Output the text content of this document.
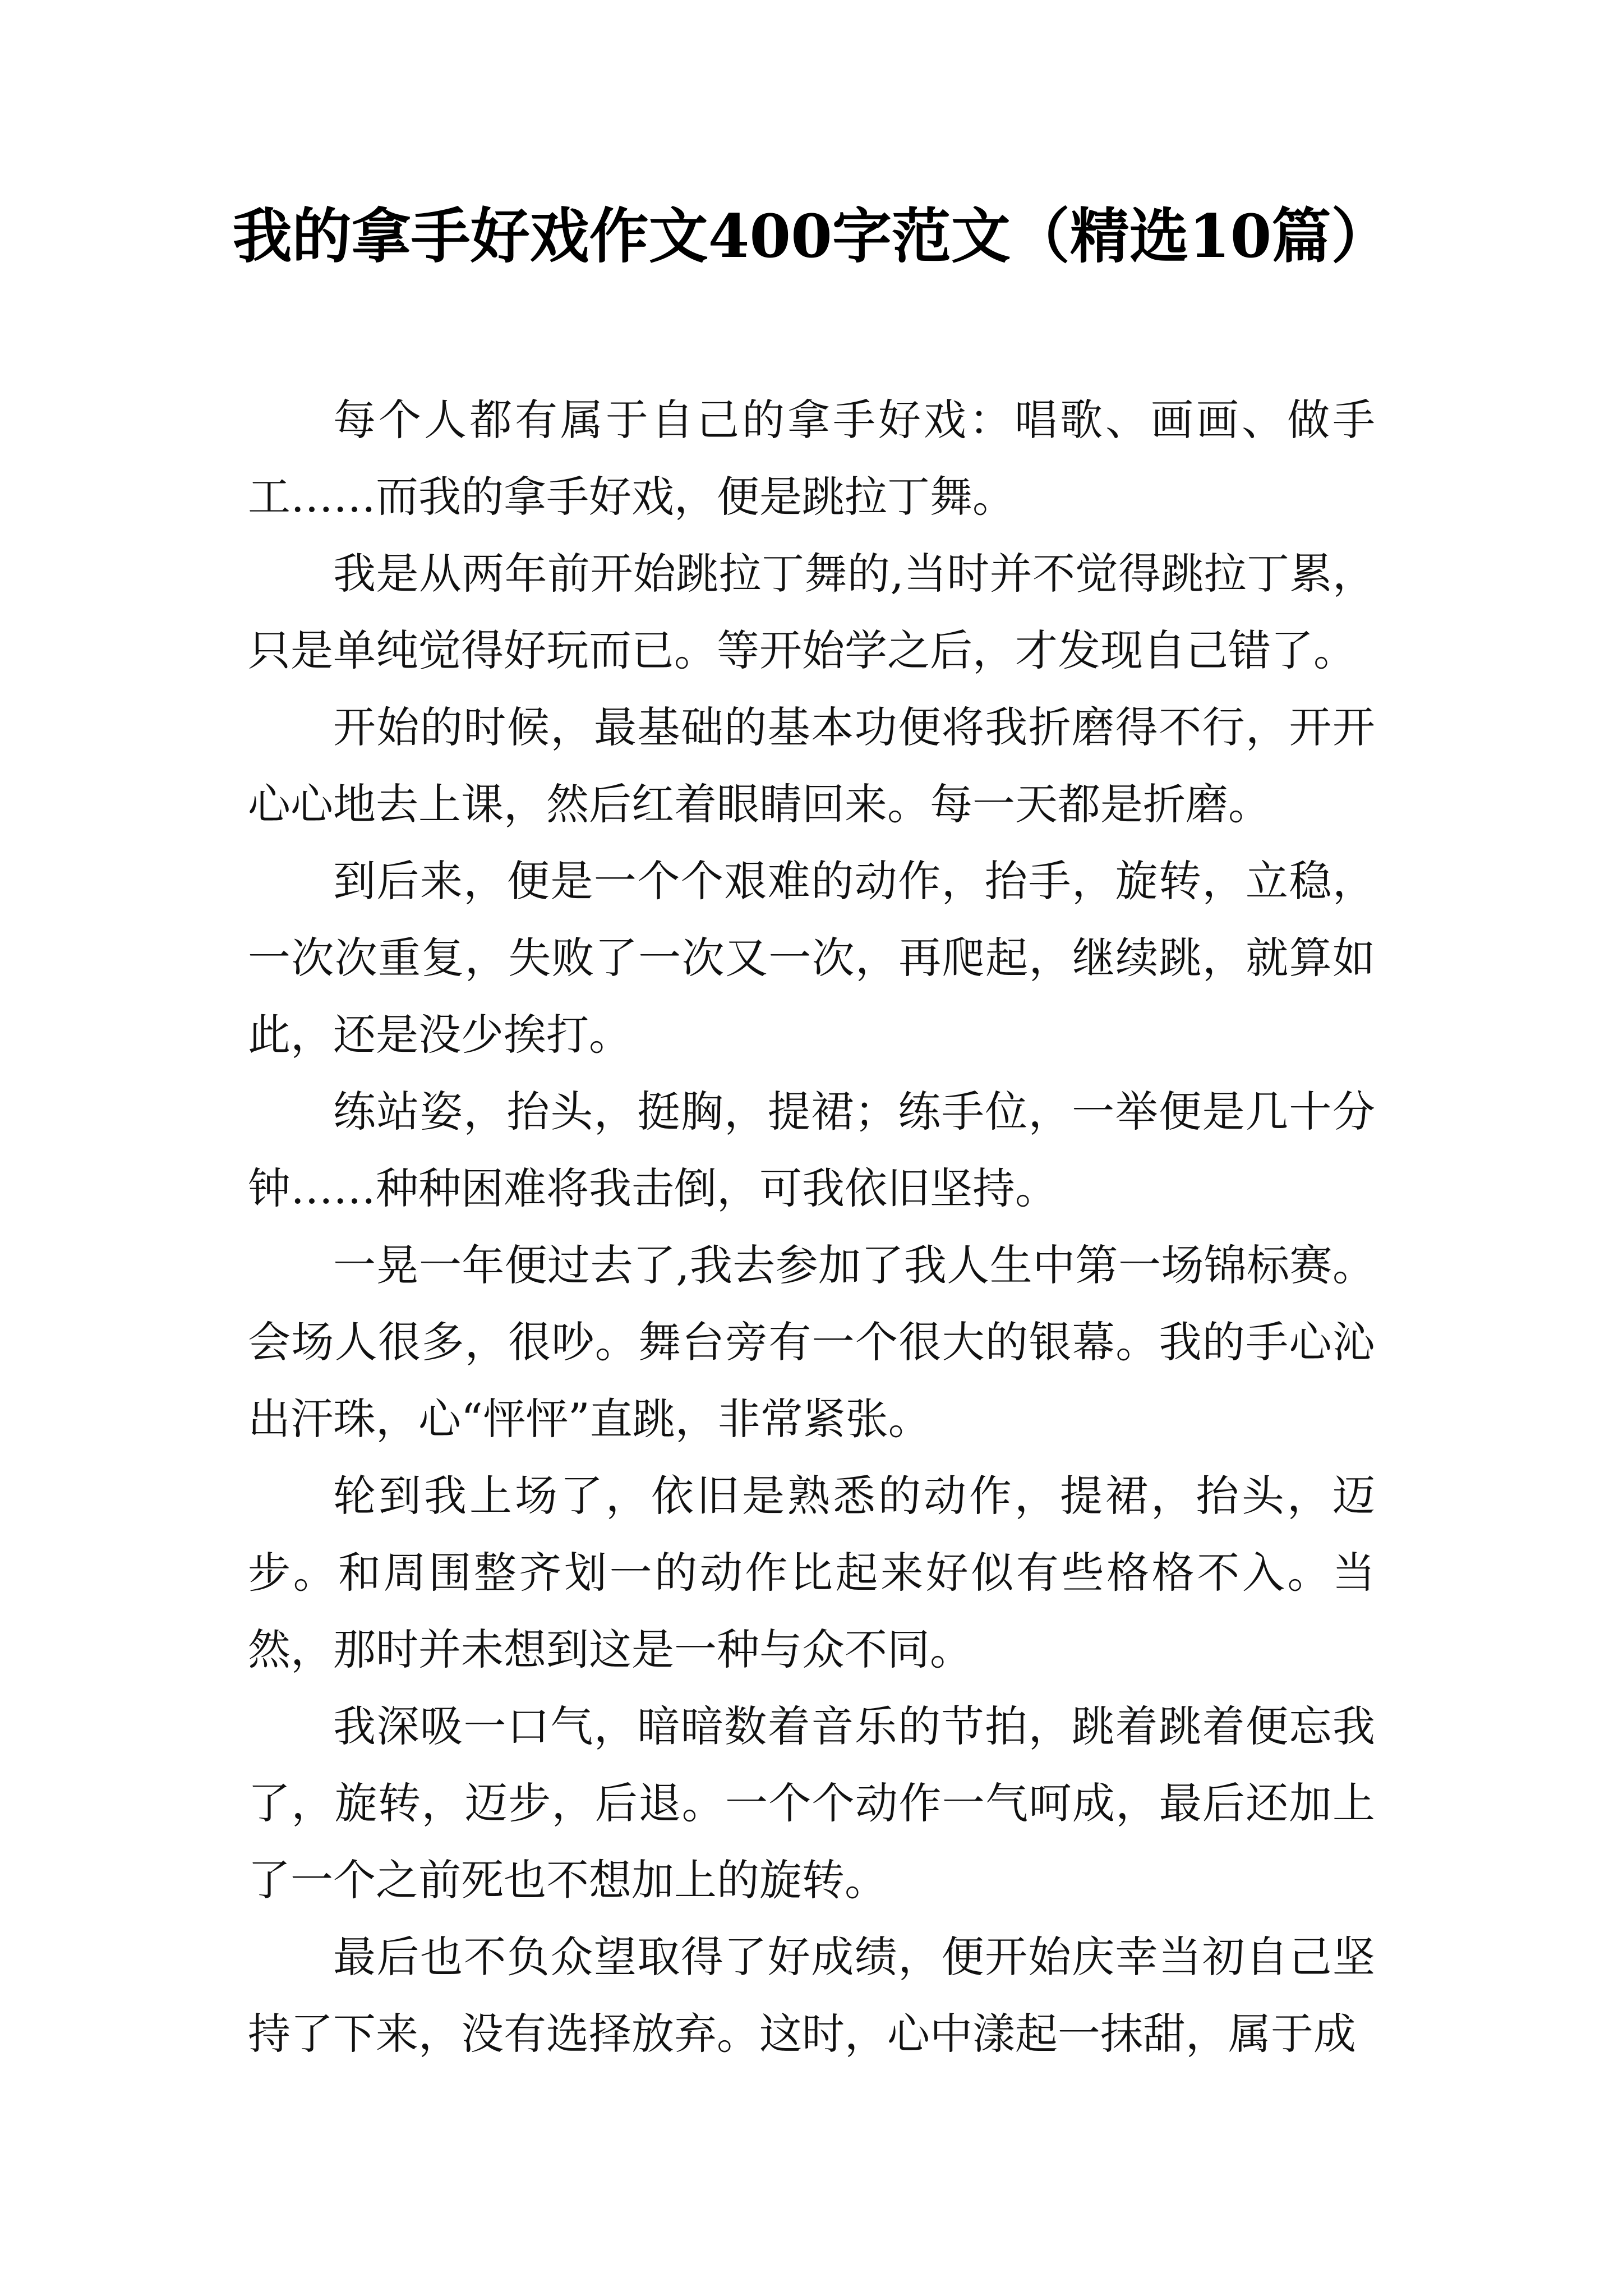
我的拿手好戏作文400字范文（精选10篇）

每个人都有属于自己的拿手好戏：唱歌、画画、做手工……而我的拿手好戏，便是跳拉丁舞。

我是从两年前开始跳拉丁舞的,当时并不觉得跳拉丁累，只是单纯觉得好玩而已。等开始学之后，才发现自己错了。

开始的时候，最基础的基本功便将我折磨得不行，开开心心地去上课，然后红着眼睛回来。每一天都是折磨。

到后来，便是一个个艰难的动作，抬手，旋转，立稳，一次次重复，失败了一次又一次，再爬起，继续跳，就算如此，还是没少挨打。

练站姿，抬头，挺胸，提裙；练手位，一举便是几十分钟……种种困难将我击倒，可我依旧坚持。

一晃一年便过去了,我去参加了我人生中第一场锦标赛。会场人很多，很吵。舞台旁有一个很大的银幕。我的手心沁出汗珠，心“怦怦”直跳，非常紧张。

轮到我上场了，依旧是熟悉的动作，提裙，抬头，迈步。和周围整齐划一的动作比起来好似有些格格不入。当然，那时并未想到这是一种与众不同。

我深吸一口气，暗暗数着音乐的节拍，跳着跳着便忘我了，旋转，迈步，后退。一个个动作一气呵成，最后还加上了一个之前死也不想加上的旋转。

最后也不负众望取得了好成绩，便开始庆幸当初自己坚持了下来，没有选择放弃。这时，心中漾起一抹甜，属于成
